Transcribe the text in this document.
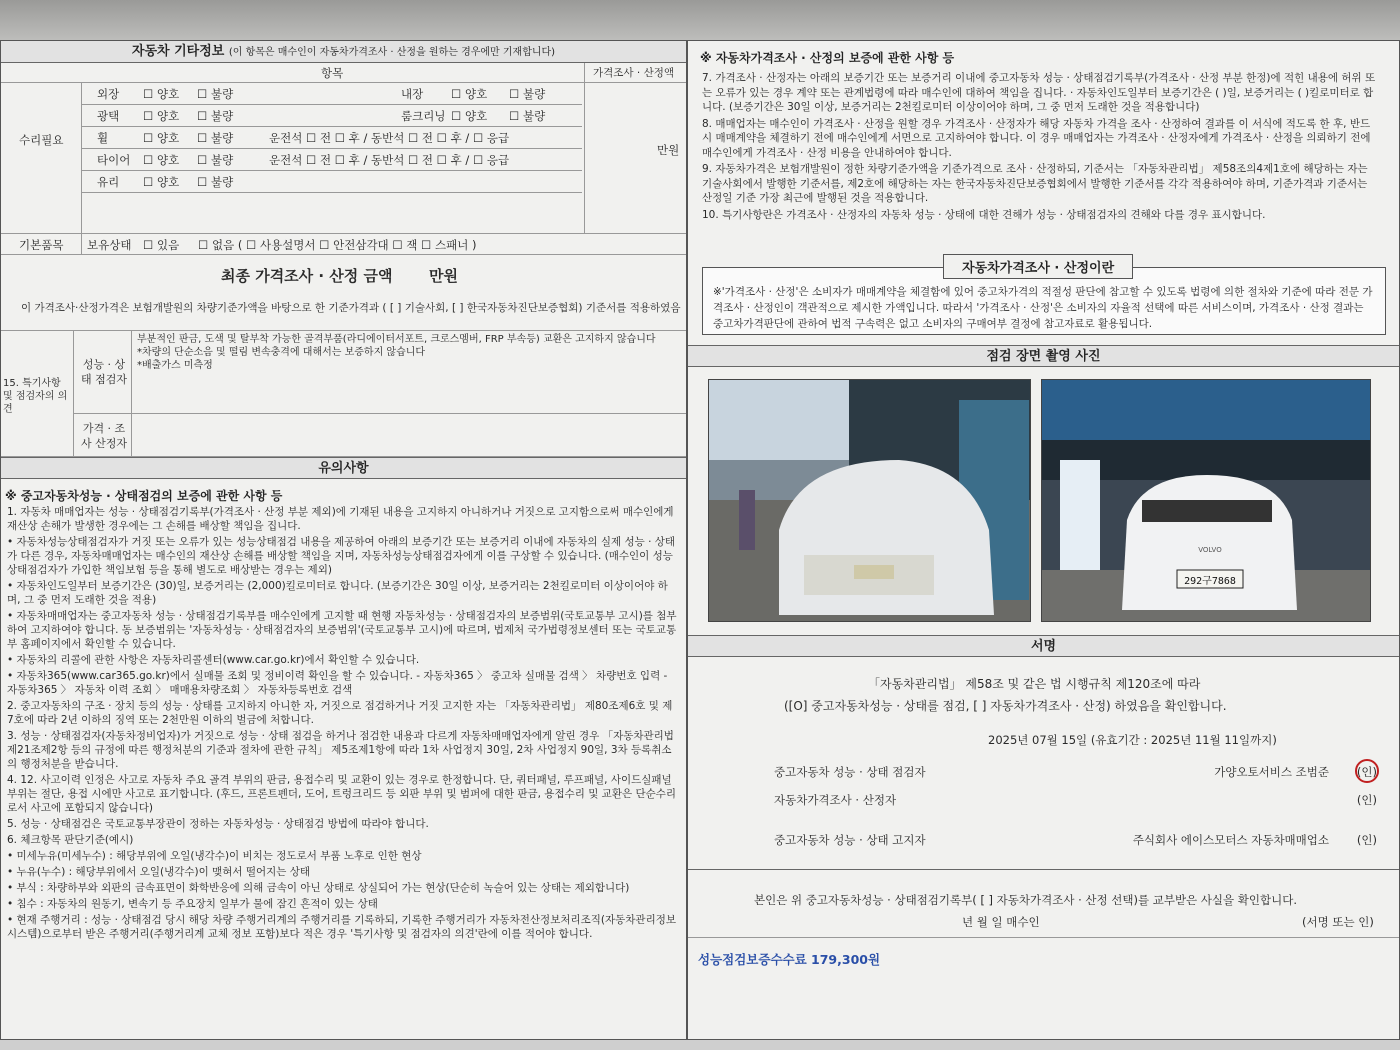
자동차 기타정보 (이 항목은 매수인이 자동차가격조사 · 산정을 원하는 경우에만 기재합니다)
항목	가격조사 · 산정액
수리필요
만원
기본품목 보유상태	☐ 있음	☐ 없음 ( ☐ 사용설명서 ☐ 안전삼각대 ☐ 잭 ☐ 스패너 )
최종 가격조사 · 산정 금액 만원
이 가격조사·산정가격은 보험개발원의 차량기준가액을 바탕으로 한 기준가격과 ( [ ] 기술사회, [ ] 한국자동차진단보증협회) 기준서를 적용하였음
15. 특기사항 및 점검자의 의견
성능 · 상태 점검자
부분적인 판금, 도색 및 탈부착 가능한 골격부품(라디에이터서포트, 크로스멤버, FRP 부속등) 교환은 고지하지 않습니다
*차량의 단순소음 및 떨림 변속충격에 대해서는 보증하지 않습니다
*배출가스 미측정
가격 · 조사 산정자
유의사항
※ 중고자동차성능 · 상태점검의 보증에 관한 사항 등
1. 자동차 매매업자는 성능 · 상태점검기록부(가격조사 · 산정 부분 제외)에 기재된 내용을 고지하지 아니하거나 거짓으로 고지함으로써 매수인에게 재산상 손해가 발생한 경우에는 그 손해를 배상할 책임을 집니다.
• 자동차성능상태점검자가 거짓 또는 오류가 있는 성능상태점검 내용을 제공하여 아래의 보증기간 또는 보증거리 이내에 자동차의 실제 성능 · 상태가 다른 경우, 자동차매매업자는 매수인의 재산상 손해를 배상할 책임을 지며, 자동차성능상태점검자에게 이를 구상할 수 있습니다. (매수인이 성능상태점검자가 가입한 책임보험 등을 통해 별도로 배상받는 경우는 제외)
• 자동차인도일부터 보증기간은 (30)일, 보증거리는 (2,000)킬로미터로 합니다. (보증기간은 30일 이상, 보증거리는 2천킬로미터 이상이어야 하며, 그 중 먼저 도래한 것을 적용)
• 자동차매매업자는 중고자동차 성능 · 상태점검기록부를 매수인에게 고지할 때 현행 자동차성능 · 상태점검자의 보증범위(국토교통부 고시)를 첨부하여 고지하여야 합니다. 동 보증범위는 '자동차성능 · 상태점검자의 보증범위'(국토교통부 고시)에 따르며, 법제처 국가법령정보센터 또는 국토교통부 홈페이지에서 확인할 수 있습니다.
• 자동차의 리콜에 관한 사항은 자동차리콜센터(www.car.go.kr)에서 확인할 수 있습니다.
• 자동차365(www.car365.go.kr)에서 실매물 조회 및 정비이력 확인을 할 수 있습니다. - 자동차365 〉 중고차 실매물 검색 〉 차량번호 입력 - 자동차365 〉 자동차 이력 조회 〉 매매용차량조회 〉 자동차등록번호 검색
2. 중고자동차의 구조 · 장치 등의 성능 · 상태를 고지하지 아니한 자, 거짓으로 점검하거나 거짓 고지한 자는 「자동차관리법」 제80조제6호 및 제7호에 따라 2년 이하의 징역 또는 2천만원 이하의 벌금에 처합니다.
3. 성능 · 상태점검자(자동차정비업자)가 거짓으로 성능 · 상태 점검을 하거나 점검한 내용과 다르게 자동차매매업자에게 알린 경우 「자동차관리법 제21조제2항 등의 규정에 따른 행정처분의 기준과 절차에 관한 규칙」 제5조제1항에 따라 1차 사업정지 30일, 2차 사업정지 90일, 3차 등록취소의 행정처분을 받습니다.
4. 12. 사고이력 인정은 사고로 자동차 주요 골격 부위의 판금, 용접수리 및 교환이 있는 경우로 한정합니다. 단, 쿼터패널, 루프패널, 사이드실패널 부위는 절단, 용접 시에만 사고로 표기합니다. (후드, 프론트펜더, 도어, 트렁크리드 등 외판 부위 및 범퍼에 대한 판금, 용접수리 및 교환은 단순수리로서 사고에 포함되지 않습니다)
5. 성능 · 상태점검은 국토교통부장관이 정하는 자동차성능 · 상태점검 방법에 따라야 합니다.
6. 체크항목 판단기준(예시)
• 미세누유(미세누수) : 해당부위에 오일(냉각수)이 비치는 정도로서 부품 노후로 인한 현상
• 누유(누수) : 해당부위에서 오일(냉각수)이 맺혀서 떨어지는 상태
• 부식 : 차량하부와 외판의 금속표면이 화학반응에 의해 금속이 아닌 상태로 상실되어 가는 현상(단순히 녹슬어 있는 상태는 제외합니다)
• 침수 : 자동차의 원동기, 변속기 등 주요장치 일부가 물에 잠긴 흔적이 있는 상태
• 현재 주행거리 : 성능 · 상태점검 당시 해당 차량 주행거리계의 주행거리를 기록하되, 기록한 주행거리가 자동차전산정보처리조직(자동차관리정보시스템)으로부터 받은 주행거리(주행거리계 교체 정보 포함)보다 적은 경우 '특기사항 및 점검자의 의견'란에 이를 적어야 합니다.
외장	☐ 양호	☐ 불량	내장	☐ 양호	☐ 불량
광택	☐ 양호	☐ 불량	룸크리닝	☐ 양호	☐ 불량
휠	☐ 양호	☐ 불량	운전석 ☐ 전 ☐ 후 / 동반석 ☐ 전 ☐ 후 / ☐ 응급
타이어	☐ 양호	☐ 불량	운전석 ☐ 전 ☐ 후 / 동반석 ☐ 전 ☐ 후 / ☐ 응급
유리	☐ 양호	☐ 불량
※ 자동차가격조사 · 산정의 보증에 관한 사항 등
7. 가격조사 · 산정자는 아래의 보증기간 또는 보증거리 이내에 중고자동차 성능 · 상태점검기록부(가격조사 · 산정 부분 한정)에 적힌 내용에 허위 또는 오류가 있는 경우 계약 또는 관계법령에 따라 매수인에 대하여 책임을 집니다. · 자동차인도일부터 보증기간은 ( )일, 보증거리는 ( )킬로미터로 합니다. (보증기간은 30일 이상, 보증거리는 2천킬로미터 이상이어야 하며, 그 중 먼저 도래한 것을 적용합니다)
8. 매매업자는 매수인이 가격조사 · 산정을 원할 경우 가격조사 · 산정자가 해당 자동차 가격을 조사 · 산정하여 결과를 이 서식에 적도록 한 후, 반드시 매매계약을 체결하기 전에 매수인에게 서면으로 고지하여야 합니다. 이 경우 매매업자는 가격조사 · 산정자에게 가격조사 · 산정을 의뢰하기 전에 매수인에게 가격조사 · 산정 비용을 안내하여야 합니다.
9. 자동차가격은 보험개발원이 정한 차량기준가액을 기준가격으로 조사 · 산정하되, 기준서는 「자동차관리법」 제58조의4제1호에 해당하는 자는 기술사회에서 발행한 기준서를, 제2호에 해당하는 자는 한국자동차진단보증협회에서 발행한 기준서를 각각 적용하여야 하며, 기준가격과 기준서는 산정일 기준 가장 최근에 발행된 것을 적용합니다.
10. 특기사항란은 가격조사 · 산정자의 자동차 성능 · 상태에 대한 견해가 성능 · 상태점검자의 견해와 다를 경우 표시합니다.
자동차가격조사 · 산정이란
※'가격조사 · 산정'은 소비자가 매매계약을 체결함에 있어 중고차가격의 적절성 판단에 참고할 수 있도록 법령에 의한 절차와 기준에 따라 전문 가격조사 · 산정인이 객관적으로 제시한 가액입니다. 따라서 '가격조사 · 산정'은 소비자의 자율적 선택에 따른 서비스이며, 가격조사 · 산정 결과는 중고차가격판단에 관하여 법적 구속력은 없고 소비자의 구매여부 결정에 참고자료로 활용됩니다.
점검 장면 촬영 사진
292구7868
VOLVO
서명
「자동차관리법」 제58조 및 같은 법 시행규칙 제120조에 따라
([O] 중고자동차성능 · 상태를 점검, [ ] 자동차가격조사 · 산정) 하였음을 확인합니다.
2025년 07월 15일 (유효기간 : 2025년 11월 11일까지)
본인은 위 중고자동차성능 · 상태점검기록부( [ ] 자동차가격조사 · 산정 선택)를 교부받은 사실을 확인합니다.
년 월 일 매수인	(서명 또는 인)
성능점검보증수수료 179,300원
중고자동차 성능 · 상태 점검자	가양오토서비스 조범준 (인)
자동차가격조사 · 산정자	(인)
중고자동차 성능 · 상태 고지자	주식회사 에이스모터스 자동차매매업소 (인)
